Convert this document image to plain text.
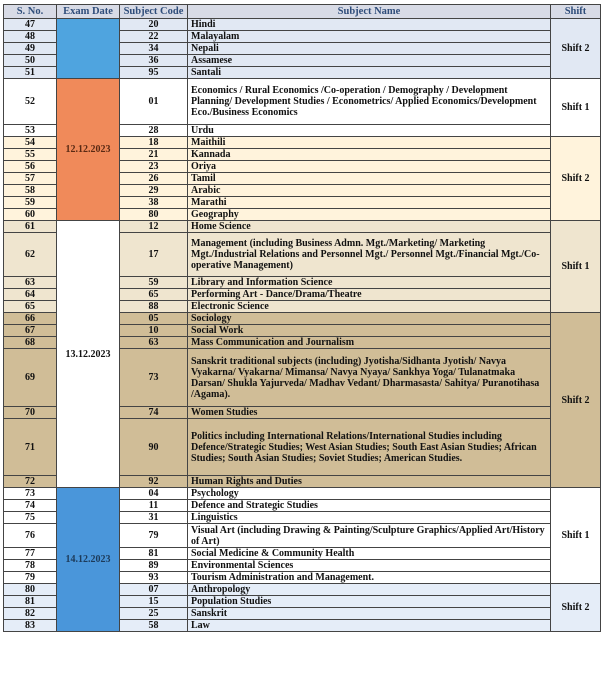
S. No.	Exam Date	Subject Code	Subject Name	Shift
47		20	Hindi	Shift 2
48		22	Malayalam	
49		34	Nepali	
50		36	Assamese	
51		95	Santali	
52	12.12.2023	01	Economics / Rural Economics /Co-operation / Demography / Development Planning/ Development Studies / Econometrics/ Applied Economics/Development Eco./Business Economics	Shift 1
53		28	Urdu	
54		18	Maithili	Shift 2
55		21	Kannada	
56		23	Oriya	
57		26	Tamil	
58		29	Arabic	
59		38	Marathi	
60		80	Geography	
61	13.12.2023	12	Home Science	Shift 1
62		17	Management (including Business Admn. Mgt./Marketing/ Marketing Mgt./Industrial Relations and Personnel Mgt./ Personnel Mgt./Financial Mgt./Co-operative Management)	
63		59	Library and Information Science	
64		65	Performing Art - Dance/Drama/Theatre	
65		88	Electronic Science	
66		05	Sociology	Shift 2
67		10	Social Work	
68		63	Mass Communication and Journalism	
69		73	Sanskrit traditional subjects (including) Jyotisha/Sidhanta Jyotish/ Navya Vyakarna/ Vyakarna/ Mimansa/ Navya Nyaya/ Sankhya Yoga/ Tulanatmaka Darsan/ Shukla Yajurveda/ Madhav Vedant/ Dharmasasta/ Sahitya/ Puranotihasa /Agama).	
70		74	Women Studies	
71		90	Politics including International Relations/International Studies including Defence/Strategic Studies; West Asian Studies; South East Asian Studies; African Studies; South Asian Studies; Soviet Studies; American Studies.	
72		92	Human Rights and Duties	
73	14.12.2023	04	Psychology	Shift 1
74		11	Defence and Strategic Studies	
75		31	Linguistics	
76		79	Visual Art (including Drawing & Painting/Sculpture Graphics/Applied Art/History of Art)	
77		81	Social Medicine & Community Health	
78		89	Environmental Sciences	
79		93	Tourism Administration and Management.	
80		07	Anthropology	Shift 2
81		15	Population Studies	
82		25	Sanskrit	
83		58	Law	
